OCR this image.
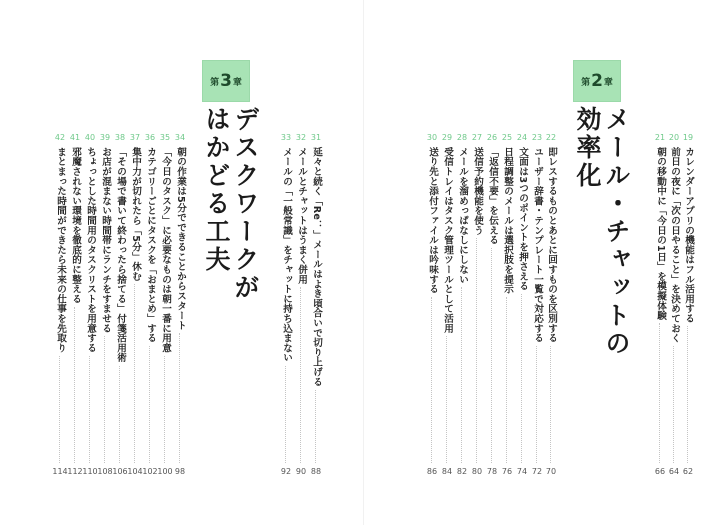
第 3 章
デスクワークが
はかどる工夫
第 2 章
メール・チャットの
効率化	19
カレンダーアプリの機能はフル活用する
62
20
前日の夜に「次の日やること」を決めておく
64
21
朝の移動中に「今日の1日」を模擬体験
66
22
即レスするものとあとに回すものを区別する
70
23
ユーザー辞書・テンプレート一覧で対応する
72
24
文面は3つのポイントを押さえる
74
25
日程調整のメールは選択肢を提示
76
26
「返信不要」を伝える
78
27
送信予約機能を使う
80
28
メールを溜めっぱなしにしない
82
29
受信トレイはタスク管理ツールとして活用
84
30
送り先と添付ファイルは吟味する
86
31
延々と続く「Re：」メールはよき頃合いで切り上げる
88
32
メールとチャットはうまく併用
90
33
メールの「一般常識」をチャットに持ち込まない
92
34
朝の作業は5分でできることからスタート
98
35
「今日のタスク」に必要なものは朝一番に用意
100
36
カテゴリーごとにタスクを「おまとめ」する
102
37
集中力が切れたら「5分」休む
104
38
「その場で書いて終わったら捨てる」付箋活用術
106
39
お店が混まない時間帯にランチをすませる
108
40
ちょっとした時間用のタスクリストを用意する
110
41
邪魔されない環境を徹底的に整える
112
42
まとまった時間ができたら未来の仕事を先取り
114
